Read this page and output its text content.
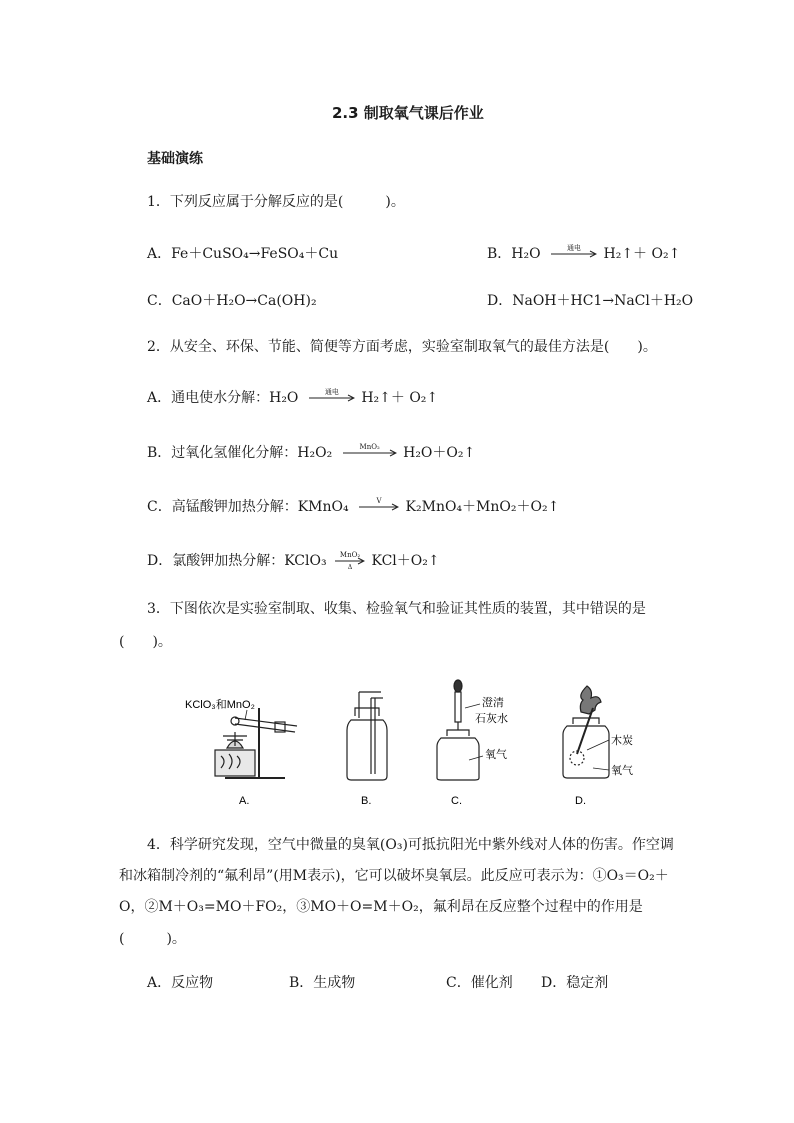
2.3 制取氧气课后作业
基础演练
1．下列反应属于分解反应的是(　　　)。
A．Fe＋CuSO₄→FeSO₄＋Cu	B．H₂O	通电	H₂↑＋ O₂↑
C．CaO＋H₂O→Ca(OH)₂	D．NaOH＋HC1→NaCl＋H₂O
2．从安全、环保、节能、简便等方面考虑，实验室制取氧气的最佳方法是(　　)。
A．通电使水分解：H₂O	通电	H₂↑＋ O₂↑
B．过氧化氢催化分解：H₂O₂	MnO₂	H₂O＋O₂↑
C．高锰酸钾加热分解：KMnO₄	V	K₂MnO₄＋MnO₂＋O₂↑
D．氯酸钾加热分解：KClO₃	MnO₂
Δ	KCl＋O₂↑
3．下图依次是实验室制取、收集、检验氧气和验证其性质的装置，其中错误的是
(　　)。
KClO₃和MnO₂
A.	B.
澄清
石灰水
氧气
C.
木炭
氧气
D.
4．科学研究发现，空气中微量的臭氧(O₃)可抵抗阳光中紫外线对人体的伤害。作空调
和冰箱制冷剂的“氟利昂”(用M表示)，它可以破坏臭氧层。此反应可表示为：①O₃＝O₂＋
O，②M＋O₃=MO＋FO₂，③MO＋O=M＋O₂，氟利昂在反应整个过程中的作用是
(　　　)。
A．反应物	B．生成物	C．催化剂 D．稳定剂
